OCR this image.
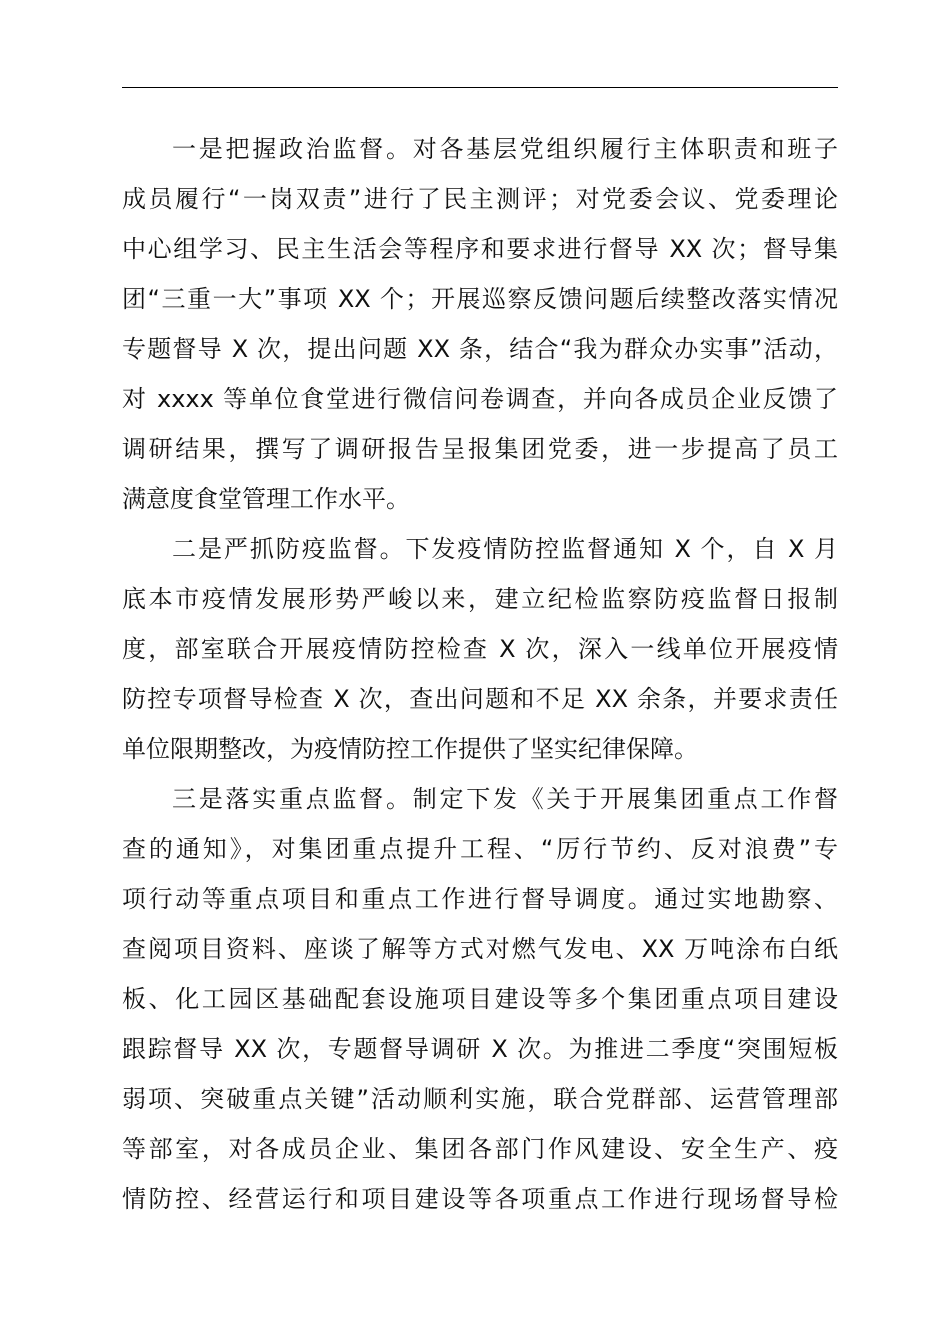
一是把握政治监督。对各基层党组织履行主体职责和班子
成员履行“一岗双责”进行了民主测评；对党委会议、党委理论
中心组学习、民主生活会等程序和要求进行督导 XX 次；督导集
团“三重一大”事项 XX 个；开展巡察反馈问题后续整改落实情况
专题督导 X 次，提出问题 XX 条，结合“我为群众办实事”活动，
对 xxxx 等单位食堂进行微信问卷调查，并向各成员企业反馈了
调研结果，撰写了调研报告呈报集团党委，进一步提高了员工
满意度食堂管理工作水平。
二是严抓防疫监督。下发疫情防控监督通知 X 个，自 X 月
底本市疫情发展形势严峻以来，建立纪检监察防疫监督日报制
度，部室联合开展疫情防控检查 X 次，深入一线单位开展疫情
防控专项督导检查 X 次，查出问题和不足 XX 余条，并要求责任
单位限期整改，为疫情防控工作提供了坚实纪律保障。
三是落实重点监督。制定下发《关于开展集团重点工作督
查的通知》，对集团重点提升工程、“厉行节约、反对浪费”专
项行动等重点项目和重点工作进行督导调度。通过实地勘察、
查阅项目资料、座谈了解等方式对燃气发电、XX 万吨涂布白纸
板、化工园区基础配套设施项目建设等多个集团重点项目建设
跟踪督导 XX 次，专题督导调研 X 次。为推进二季度“突围短板
弱项、突破重点关键”活动顺利实施，联合党群部、运营管理部
等部室，对各成员企业、集团各部门作风建设、安全生产、疫
情防控、经营运行和项目建设等各项重点工作进行现场督导检
